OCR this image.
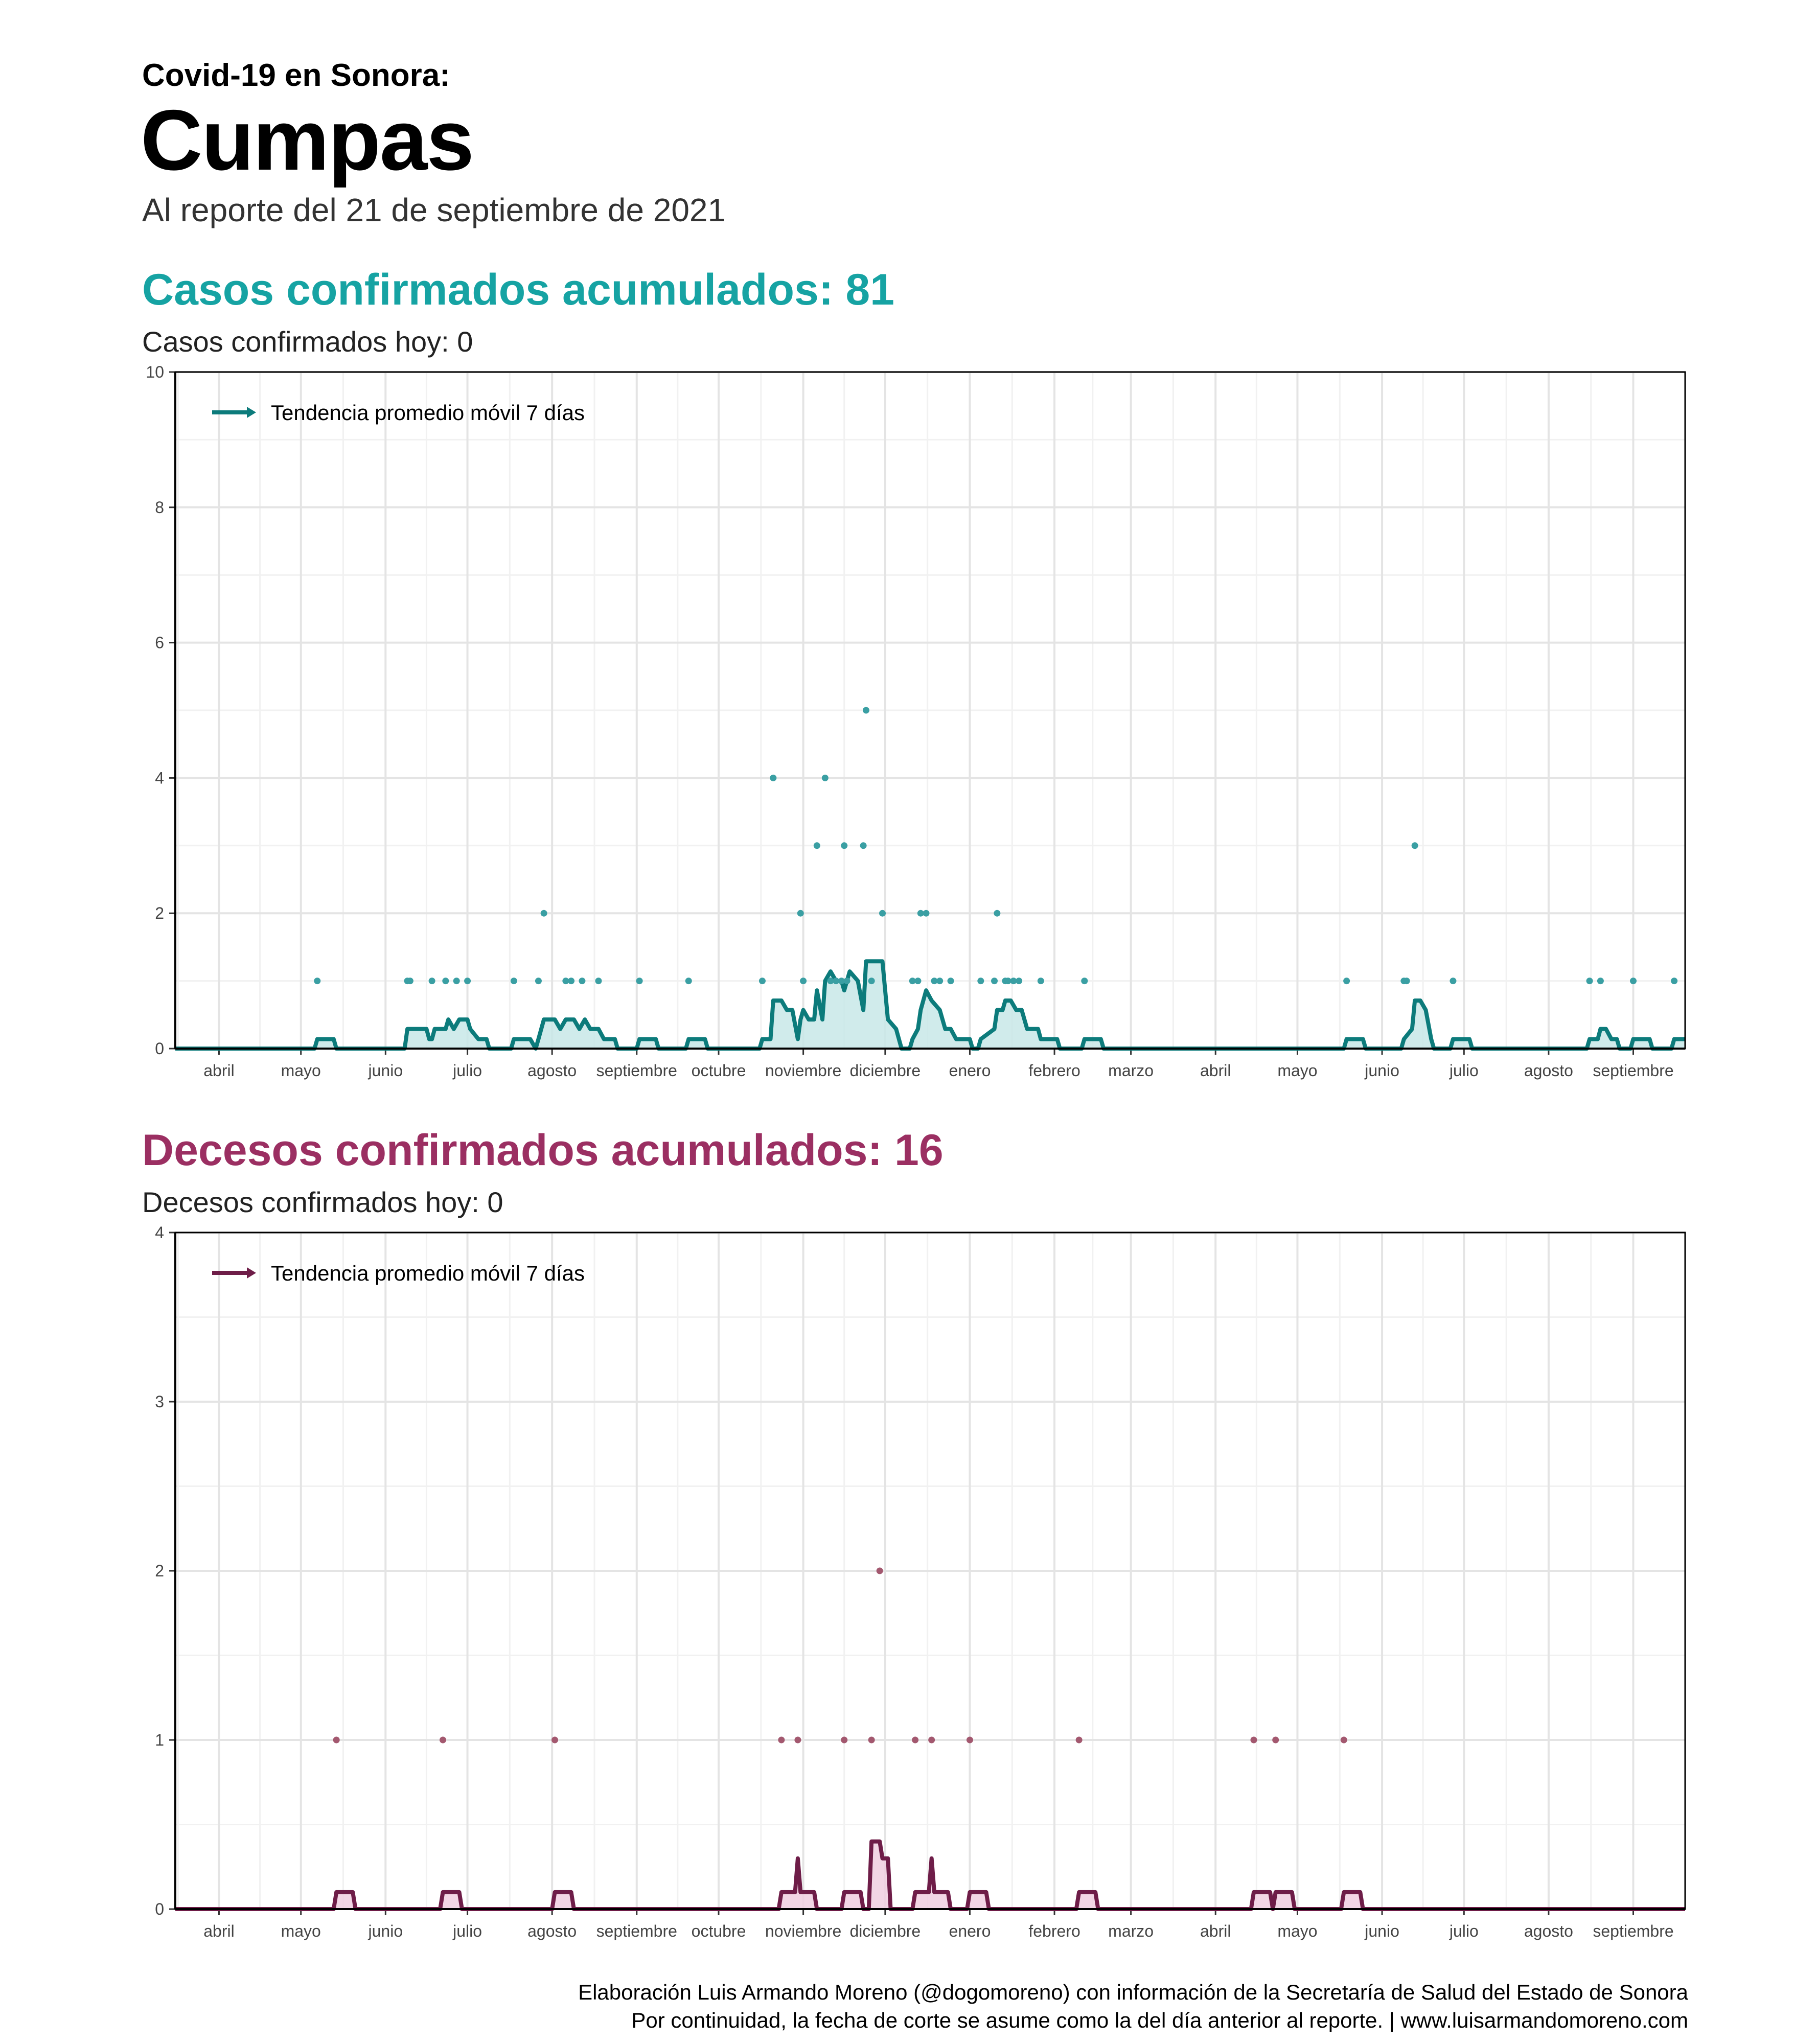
Covid-19 en Sonora:
Cumpas

Al reporte del 21 de septiembre de 2021

Casos confirmados acumulados: 81

Casos confirmados hoy: 0

abril	mayo	junio	julio	agosto septiembre octubre noviembre diciembre enero febrero marzo	abril	mayo	junio	julio	agosto septiembre
0
2
4
6
8
10
Tendencia promedio móvil 7 días
Decesos confirmados acumulados: 16

Decesos confirmados hoy: 0

abril	mayo	junio	julio	agosto septiembre octubre noviembre diciembre enero febrero marzo	abril	mayo	junio	julio	agosto septiembre
0
1
2
3
4
Tendencia promedio móvil 7 días

Elaboración Luis Armando Moreno (@dogomoreno) con información de la Secretaría de Salud del Estado de Sonora

Por continuidad, la fecha de corte se asume como la del día anterior al reporte. | www.luisarmandomoreno.com
